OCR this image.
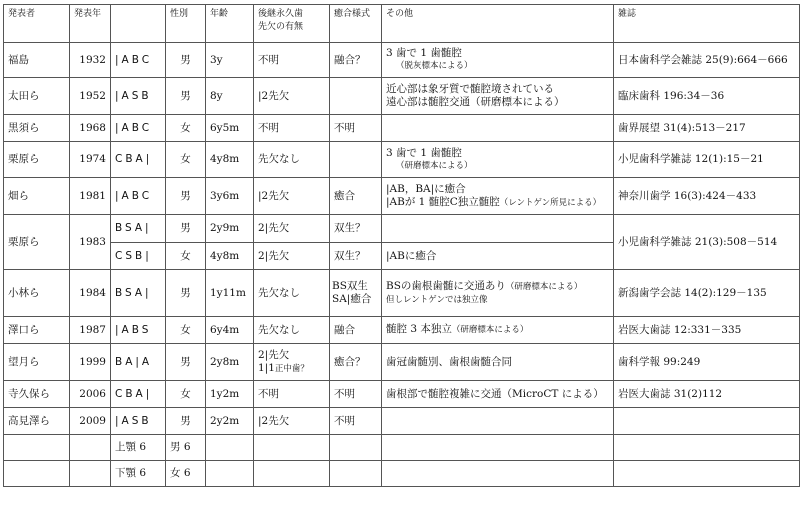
発表者	発表年		性別	年齢	後継永久歯
先欠の有無	癒合様式	その他	雑誌
福島	1932	|ABC	男	3y	不明	融合？	3 歯で 1 歯髄腔
（脱灰標本による）	日本歯科学会雑誌 25(9):664－666
太田ら	1952	|ASB	男	8y	|2先欠		近心部は象牙質で髄腔境されている
遠心部は髄腔交通（研磨標本による）	臨床歯科 196:34－36
黒須ら	1968	|ABC	女	6y5m	不明	不明		歯界展望 31(4):513－217
栗原ら	1974	CBA|	女	4y8m	先欠なし		3 歯で 1 歯髄腔
（研磨標本による）	小児歯科学雑誌 12(1):15－21
畑ら	1981	|ABC	男	3y6m	|2先欠	癒合	|AB，BA|に癒合
|ABが 1 髄腔C独立髄腔（レントゲン所見による）	神奈川歯学 16(3):424－433
栗原ら	1983	BSA|	男	2y9m	2|先欠	双生？		小児歯科学雑誌 21(3):508－514
		CSB|	女	4y8m	2|先欠	双生？	|ABに癒合	
小林ら	1984	BSA|	男	1y11m	先欠なし	BS双生
SA|癒合	BSの歯根歯髄に交通あり（研磨標本による）
但しレントゲンでは独立像	新潟歯学会誌 14(2):129－135
澤口ら	1987	|ABS	女	6y4m	先欠なし	融合	髄腔 3 本独立（研磨標本による）	岩医大歯誌 12:331－335
望月ら	1999	BA|A	男	2y8m	2|先欠
1|1正中歯？	癒合？	歯冠歯髄別、歯根歯髄合同	歯科学報 99:249
寺久保ら	2006	CBA|	女	1y2m	不明	不明	歯根部で髄腔複雑に交通（MicroCT による）	岩医大歯誌 31(2)112
高見澤ら	2009	|ASB	男	2y2m	|2先欠	不明		
		上顎 6	男 6					
		下顎 6	女 6					
